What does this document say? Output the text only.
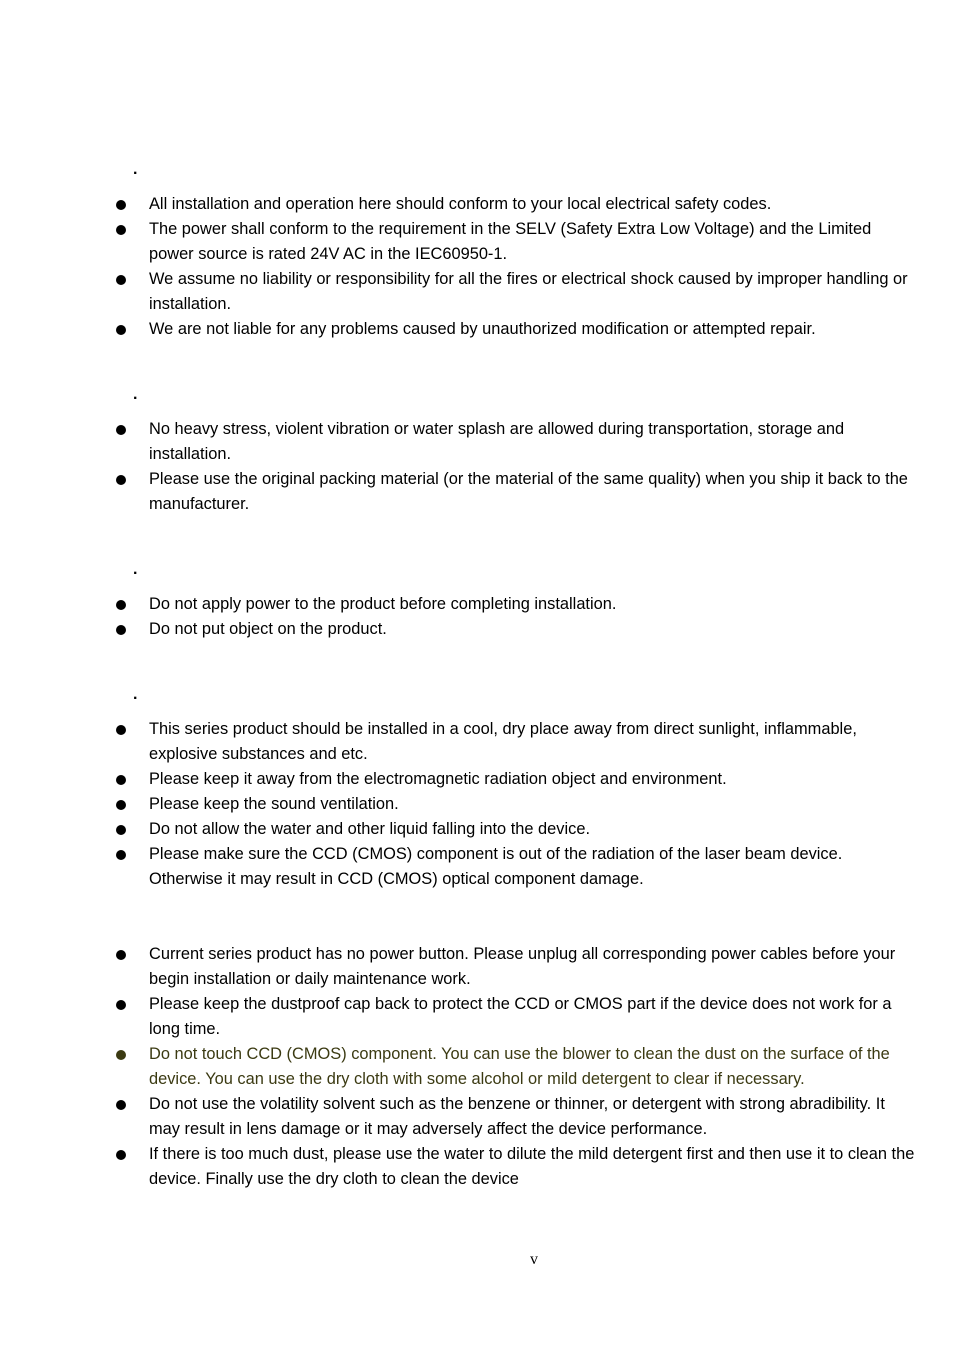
.
All installation and operation here should conform to your local electrical safety codes.
The power shall conform to the requirement in the SELV (Safety Extra Low Voltage) and the Limited power source is rated 24V AC in the IEC60950-1.
We assume no liability or responsibility for all the fires or electrical shock caused by improper handling or installation.
We are not liable for any problems caused by unauthorized modification or attempted repair.
.
No heavy stress, violent vibration or water splash are allowed during transportation, storage and installation.
Please use the original packing material (or the material of the same quality) when you ship it back to the manufacturer.
.
Do not apply power to the product before completing installation.
Do not put object on the product.
.
This series product should be installed in a cool, dry place away from direct sunlight, inflammable, explosive substances and etc.
Please keep it away from the electromagnetic radiation object and environment.
Please keep the sound ventilation.
Do not allow the water and other liquid falling into the device.
Please make sure the CCD (CMOS) component is out of the radiation of the laser beam device. Otherwise it may result in CCD (CMOS) optical component damage.
Current series product has no power button. Please unplug all corresponding power cables before your begin installation or daily maintenance work.
Please keep the dustproof cap back to protect the CCD or CMOS part if the device does not work for a long time.
Do not touch CCD (CMOS) component. You can use the blower to clean the dust on the surface of the device. You can use the dry cloth with some alcohol or mild detergent to clear if necessary.
Do not use the volatility solvent such as the benzene or thinner, or detergent with strong abradibility. It may result in lens damage or it may adversely affect the device performance.
If there is too much dust, please use the water to dilute the mild detergent first and then use it to clean the device. Finally use the dry cloth to clean the device
v
